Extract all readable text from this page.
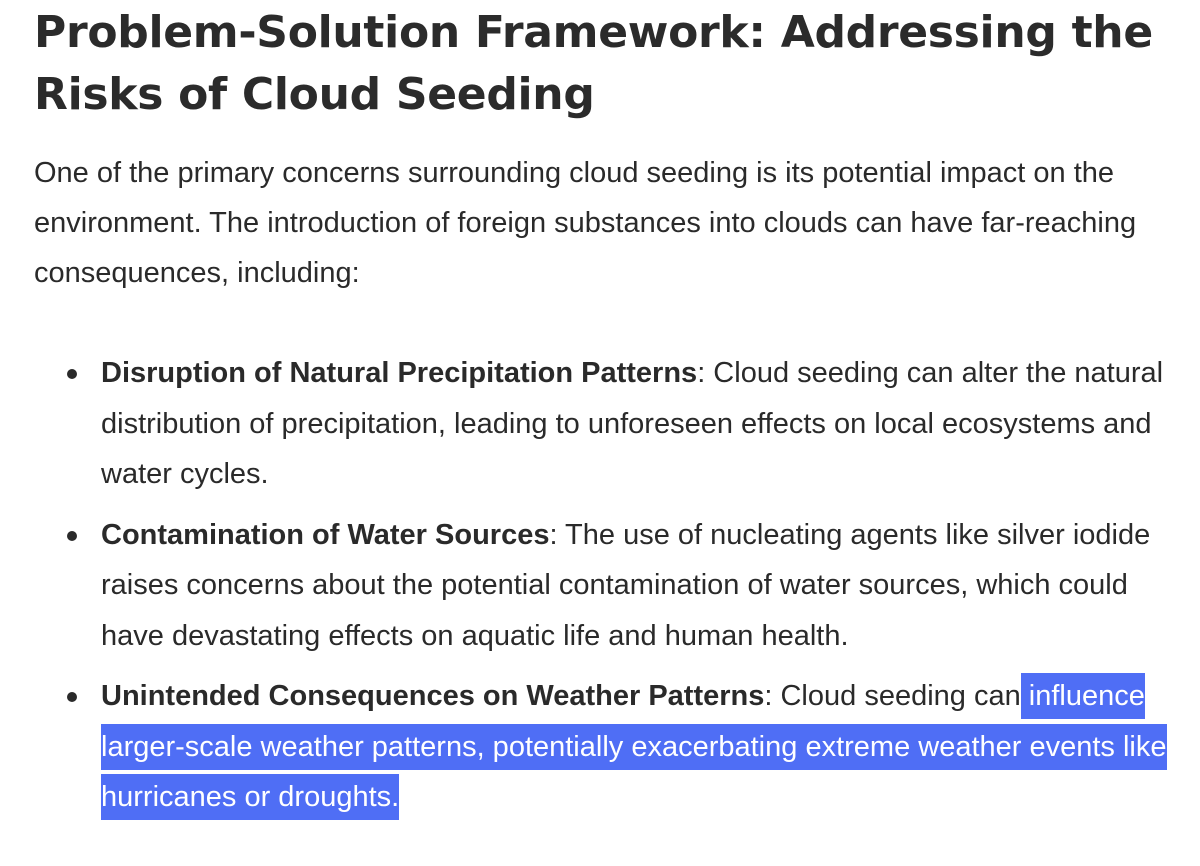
Problem-Solution Framework: Addressing the Risks of Cloud Seeding

One of the primary concerns surrounding cloud seeding is its potential impact on the environment. The introduction of foreign substances into clouds can have far-reaching consequences, including:

Disruption of Natural Precipitation Patterns: Cloud seeding can alter the natural distribution of precipitation, leading to unforeseen effects on local ecosystems and water cycles.
Contamination of Water Sources: The use of nucleating agents like silver iodide raises concerns about the potential contamination of water sources, which could have devastating effects on aquatic life and human health.
Unintended Consequences on Weather Patterns: Cloud seeding can influence larger-scale weather patterns, potentially exacerbating extreme weather events like hurricanes or droughts.
